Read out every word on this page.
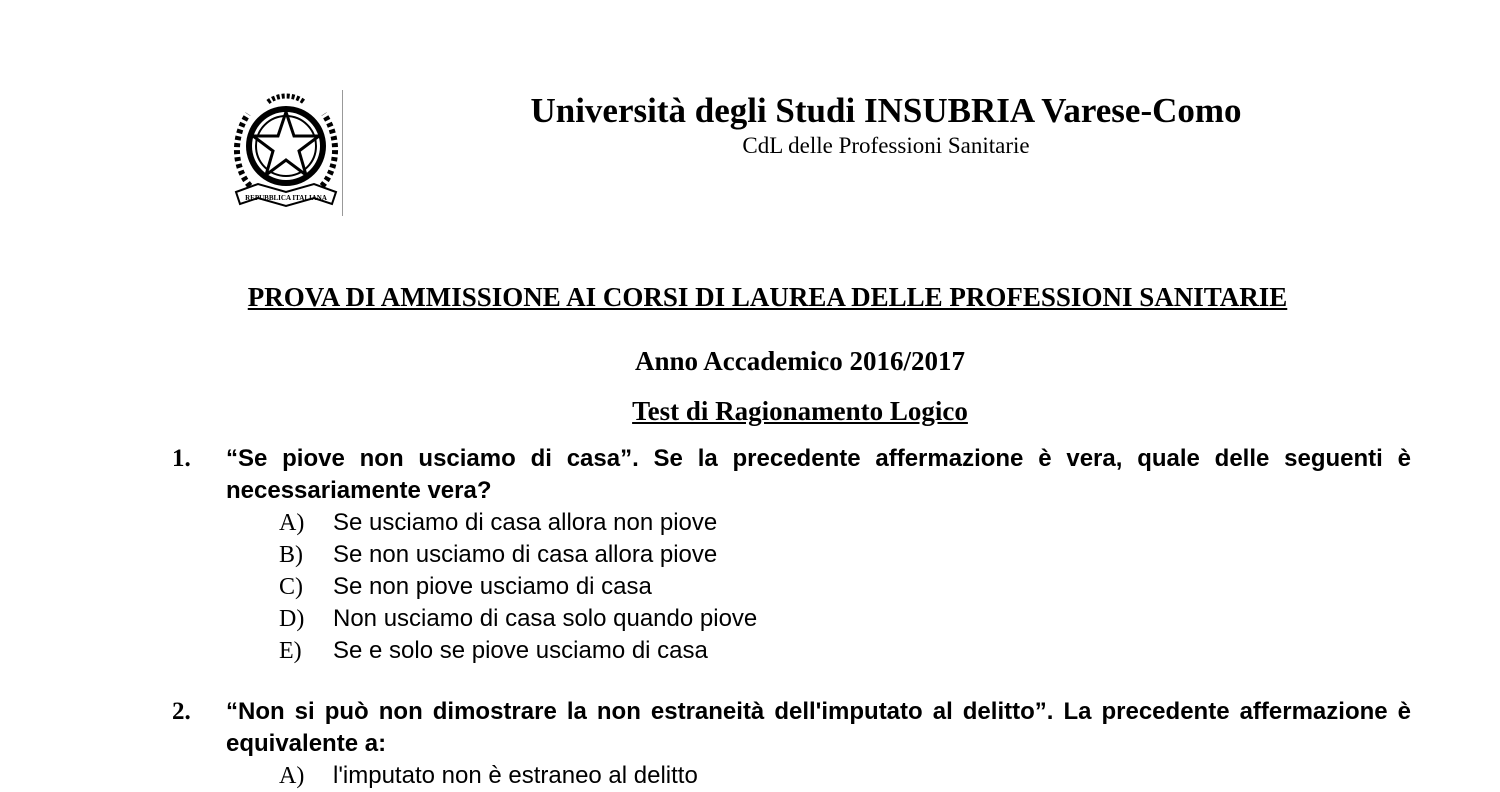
REPUBBLICA ITALIANA
Università degli Studi INSUBRIA Varese-Como
CdL delle Professioni Sanitarie
PROVA DI AMMISSIONE AI CORSI DI LAUREA DELLE PROFESSIONI SANITARIE
Anno Accademico 2016/2017
Test di Ragionamento Logico
1. “Se piove non usciamo di casa”. Se la precedente affermazione è vera, quale delle seguenti è necessariamente vera?
A) Se usciamo di casa allora non piove
B) Se non usciamo di casa allora piove
C) Se non piove usciamo di casa
D) Non usciamo di casa solo quando piove
E) Se e solo se piove usciamo di casa
2. “Non si può non dimostrare la non estraneità dell'imputato al delitto”. La precedente affermazione è equivalente a:
A) l'imputato non è estraneo al delitto
